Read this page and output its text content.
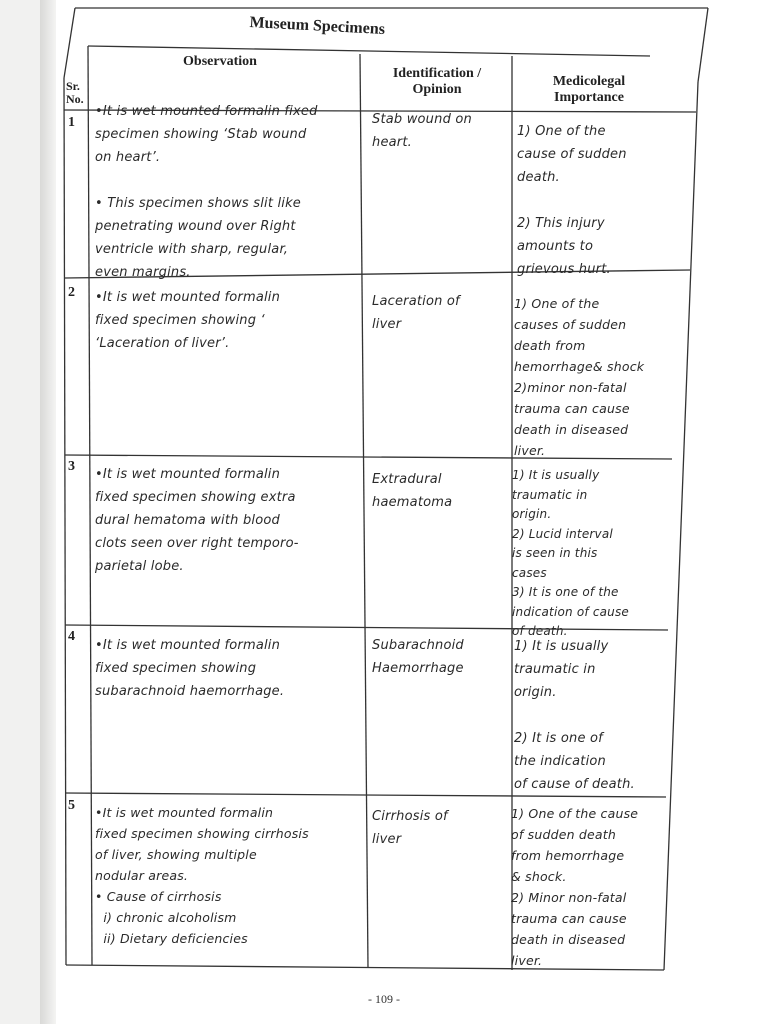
Museum Specimens
Sr.
No.
Observation
Identification /
Opinion
Medicolegal
Importance
1
•It is wet mounted formalin fixed
specimen showing ‘Stab wound
on heart’.

• This specimen shows slit like
penetrating wound over Right
ventricle with sharp, regular,
even margins.
Stab wound on
heart.
1) One of the
cause of sudden
death.

2) This injury
amounts to
grievous hurt.
2 •It is wet mounted formalin
fixed specimen showing ‘
‘Laceration of liver’.
Laceration of
liver
1) One of the
causes of sudden
death from
hemorrhage& shock
2)minor non-fatal
trauma can cause
death in diseased
liver.
3
•It is wet mounted formalin
fixed specimen showing extra
dural hematoma with blood
clots seen over right temporo-
parietal lobe.
Extradural
haematoma
1) It is usually
traumatic in
origin.
2) Lucid interval
is seen in this
cases
3) It is one of the
indication of cause
of death.
4
•It is wet mounted formalin
fixed specimen showing
subarachnoid haemorrhage.
Subarachnoid
Haemorrhage
1) It is usually
traumatic in
origin.

2) It is one of
the indication
of cause of death.
5 •It is wet mounted formalin
fixed specimen showing cirrhosis
of liver, showing multiple
nodular areas.
• Cause of cirrhosis
i) chronic alcoholism
ii) Dietary deficiencies
Cirrhosis of
liver
1) One of the cause
of sudden death
from hemorrhage
& shock.
2) Minor non-fatal
trauma can cause
death in diseased
liver.
- 109 -
